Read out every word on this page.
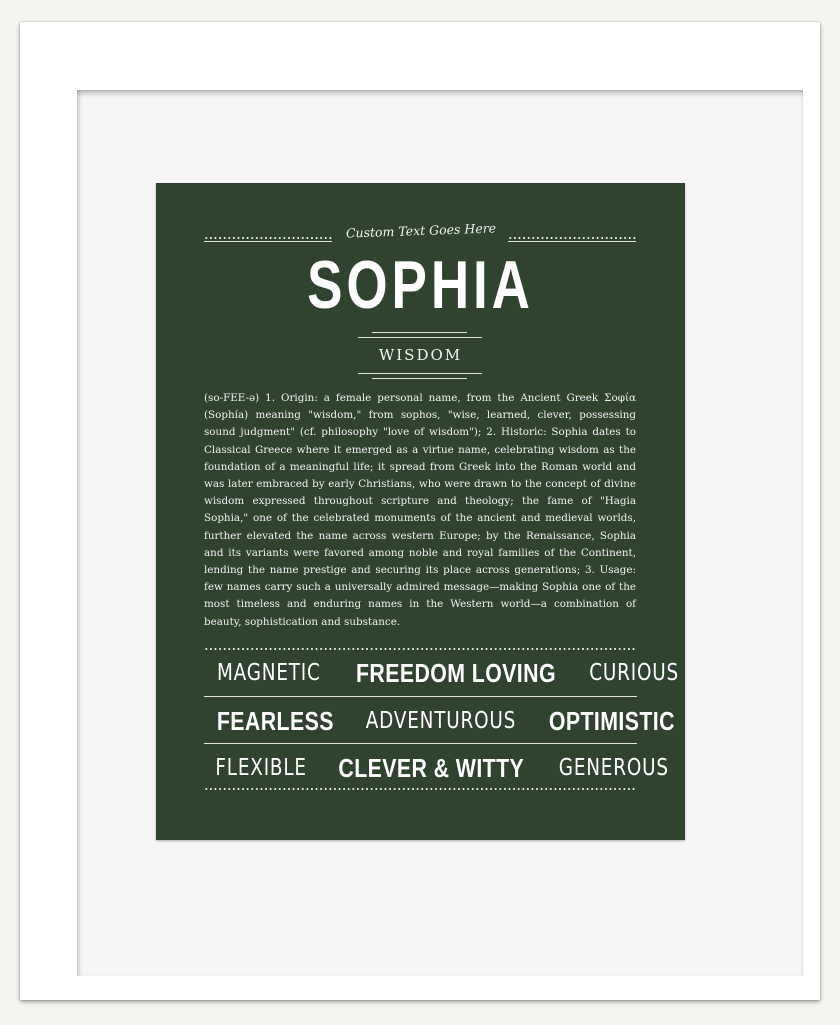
Custom Text Goes Here
SOPHIA
WISDOM
(so-FEE-ə) 1. Origin: a female personal name, from the Ancient Greek Σοφία (Sophía) meaning "wisdom," from sophos, "wise, learned, clever, possessing sound judgment" (cf. philosophy "love of wisdom"); 2. Historic: Sophia dates to Classical Greece where it emerged as a virtue name, celebrating wisdom as the foundation of a meaningful life; it spread from Greek into the Roman world and was later embraced by early Christians, who were drawn to the concept of divine wisdom expressed throughout scripture and theology; the fame of "Hagia Sophia," one of the celebrated monuments of the ancient and medieval worlds, further elevated the name across western Europe; by the Renaissance, Sophia and its variants were favored among noble and royal families of the Continent, lending the name prestige and securing its place across generations; 3. Usage: few names carry such a universally admired message—making Sophia one of the most timeless and enduring names in the Western world—a combination of beauty, sophistication and substance.
MAGNETIC FREEDOM LOVING CURIOUS
FEARLESS ADVENTUROUS OPTIMISTIC
FLEXIBLE CLEVER & WITTY GENEROUS
